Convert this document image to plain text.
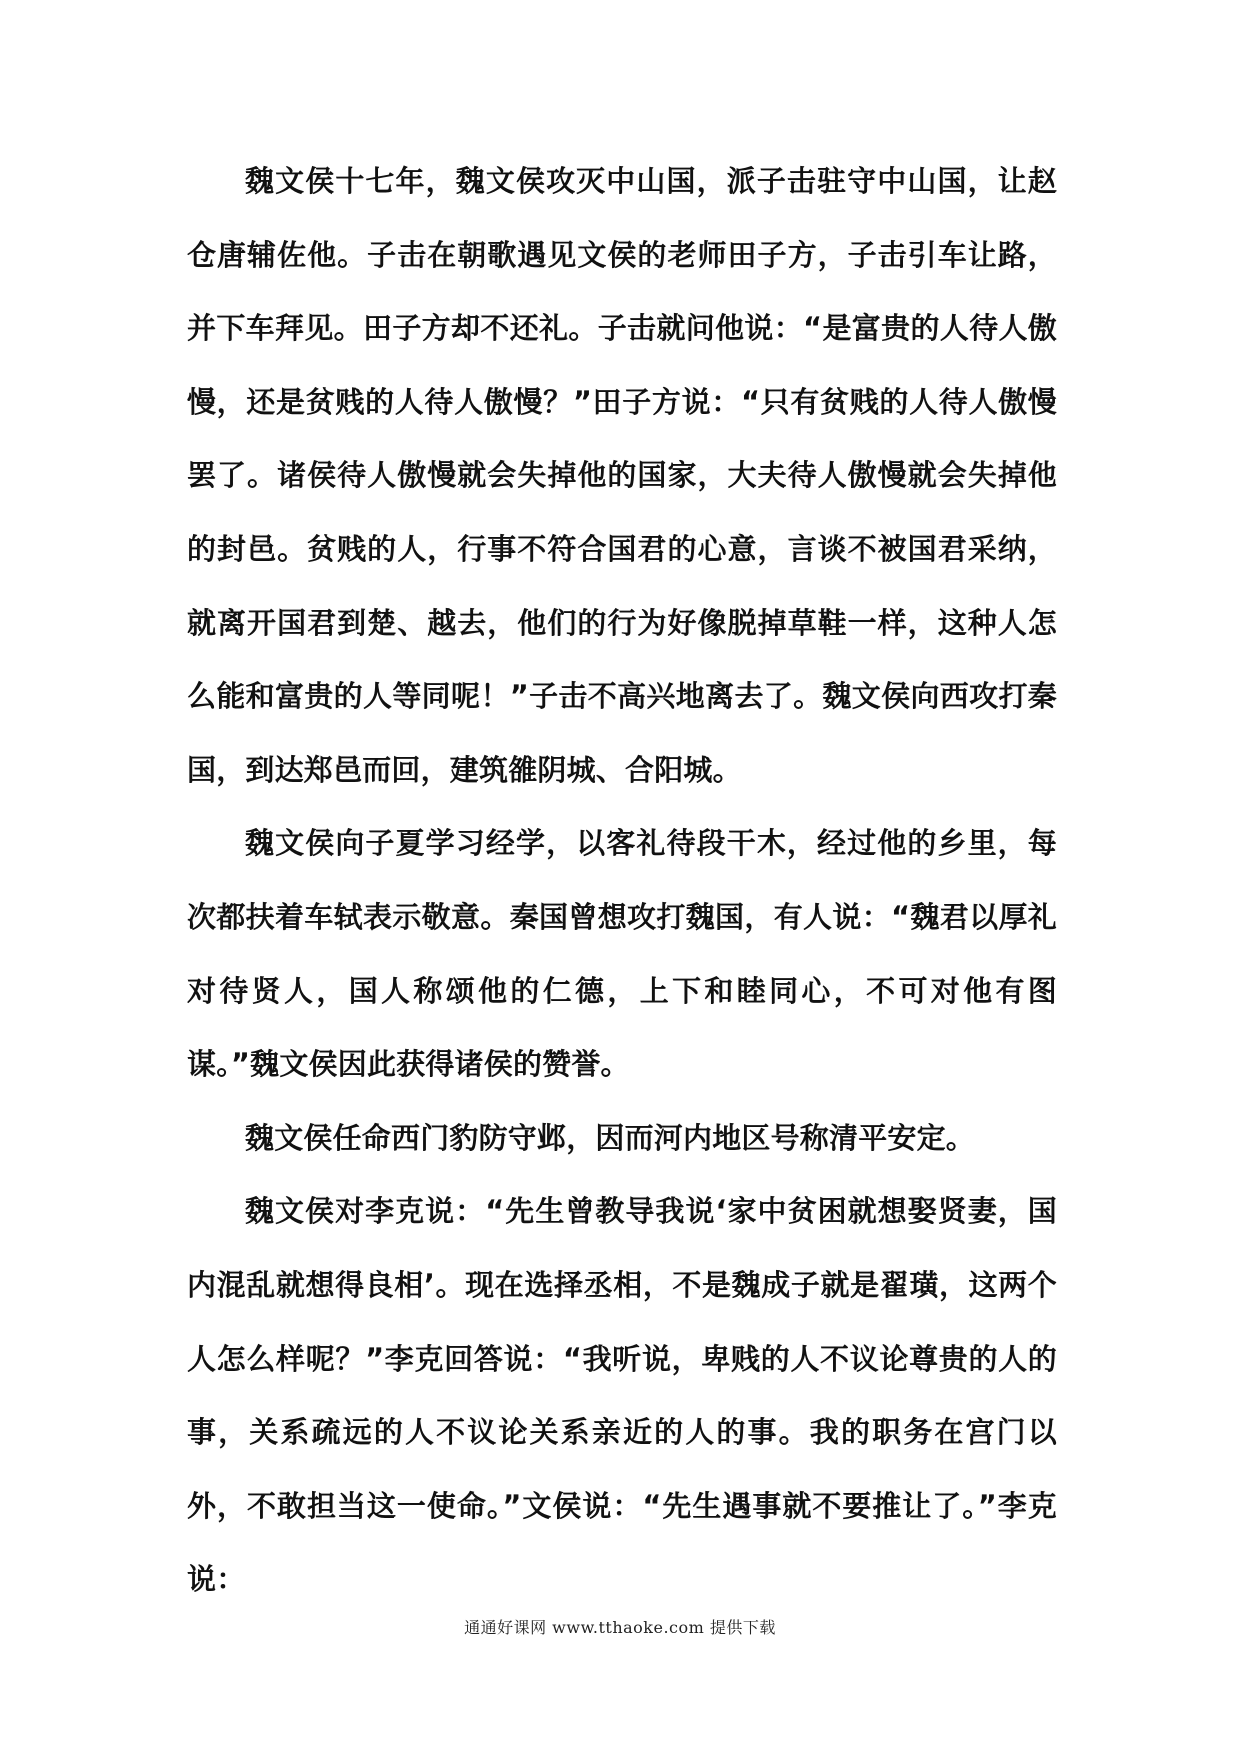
魏文侯十七年，魏文侯攻灭中山国，派子击驻守中山国，让赵仓唐辅佐他。子击在朝歌遇见文侯的老师田子方，子击引车让路，并下车拜见。田子方却不还礼。子击就问他说：“是富贵的人待人傲慢，还是贫贱的人待人傲慢？”田子方说：“只有贫贱的人待人傲慢罢了。诸侯待人傲慢就会失掉他的国家，大夫待人傲慢就会失掉他的封邑。贫贱的人，行事不符合国君的心意，言谈不被国君采纳，就离开国君到楚、越去，他们的行为好像脱掉草鞋一样，这种人怎么能和富贵的人等同呢！”子击不高兴地离去了。魏文侯向西攻打秦国，到达郑邑而回，建筑雒阴城、合阳城。

魏文侯向子夏学习经学，以客礼待段干木，经过他的乡里，每次都扶着车轼表示敬意。秦国曾想攻打魏国，有人说：“魏君以厚礼对待贤人，国人称颂他的仁德，上下和睦同心，不可对他有图谋。”魏文侯因此获得诸侯的赞誉。

魏文侯任命西门豹防守邺，因而河内地区号称清平安定。

魏文侯对李克说：“先生曾教导我说‘家中贫困就想娶贤妻，国内混乱就想得良相’。现在选择丞相，不是魏成子就是翟璜，这两个人怎么样呢？”李克回答说：“我听说，卑贱的人不议论尊贵的人的事，关系疏远的人不议论关系亲近的人的事。我的职务在宫门以外，不敢担当这一使命。”文侯说：“先生遇事就不要推让了。”李克说：

通通好课网 www.tthaoke.com 提供下载
